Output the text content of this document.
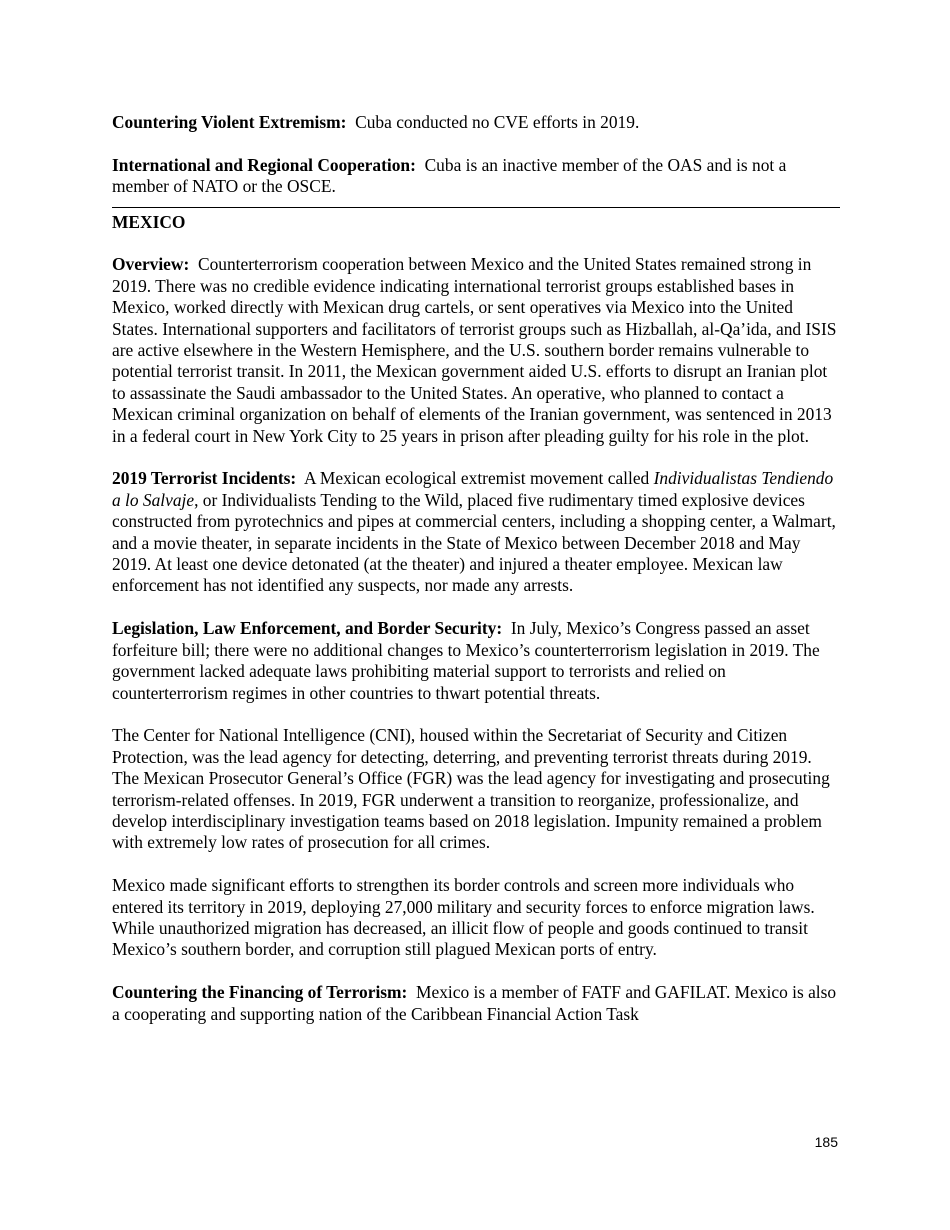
Countering Violent Extremism: Cuba conducted no CVE efforts in 2019.

International and Regional Cooperation: Cuba is an inactive member of the OAS and is not a member of NATO or the OSCE.

MEXICO

Overview: Counterterrorism cooperation between Mexico and the United States remained strong in 2019. There was no credible evidence indicating international terrorist groups established bases in Mexico, worked directly with Mexican drug cartels, or sent operatives via Mexico into the United States. International supporters and facilitators of terrorist groups such as Hizballah, al-Qa’ida, and ISIS are active elsewhere in the Western Hemisphere, and the U.S. southern border remains vulnerable to potential terrorist transit. In 2011, the Mexican government aided U.S. efforts to disrupt an Iranian plot to assassinate the Saudi ambassador to the United States. An operative, who planned to contact a Mexican criminal organization on behalf of elements of the Iranian government, was sentenced in 2013 in a federal court in New York City to 25 years in prison after pleading guilty for his role in the plot.

2019 Terrorist Incidents: A Mexican ecological extremist movement called Individualistas Tendiendo a lo Salvaje, or Individualists Tending to the Wild, placed five rudimentary timed explosive devices constructed from pyrotechnics and pipes at commercial centers, including a shopping center, a Walmart, and a movie theater, in separate incidents in the State of Mexico between December 2018 and May 2019. At least one device detonated (at the theater) and injured a theater employee. Mexican law enforcement has not identified any suspects, nor made any arrests.

Legislation, Law Enforcement, and Border Security: In July, Mexico’s Congress passed an asset forfeiture bill; there were no additional changes to Mexico’s counterterrorism legislation in 2019. The government lacked adequate laws prohibiting material support to terrorists and relied on counterterrorism regimes in other countries to thwart potential threats.

The Center for National Intelligence (CNI), housed within the Secretariat of Security and Citizen Protection, was the lead agency for detecting, deterring, and preventing terrorist threats during 2019. The Mexican Prosecutor General’s Office (FGR) was the lead agency for investigating and prosecuting terrorism-related offenses. In 2019, FGR underwent a transition to reorganize, professionalize, and develop interdisciplinary investigation teams based on 2018 legislation. Impunity remained a problem with extremely low rates of prosecution for all crimes.

Mexico made significant efforts to strengthen its border controls and screen more individuals who entered its territory in 2019, deploying 27,000 military and security forces to enforce migration laws. While unauthorized migration has decreased, an illicit flow of people and goods continued to transit Mexico’s southern border, and corruption still plagued Mexican ports of entry.

Countering the Financing of Terrorism: Mexico is a member of FATF and GAFILAT. Mexico is also a cooperating and supporting nation of the Caribbean Financial Action Task

185
